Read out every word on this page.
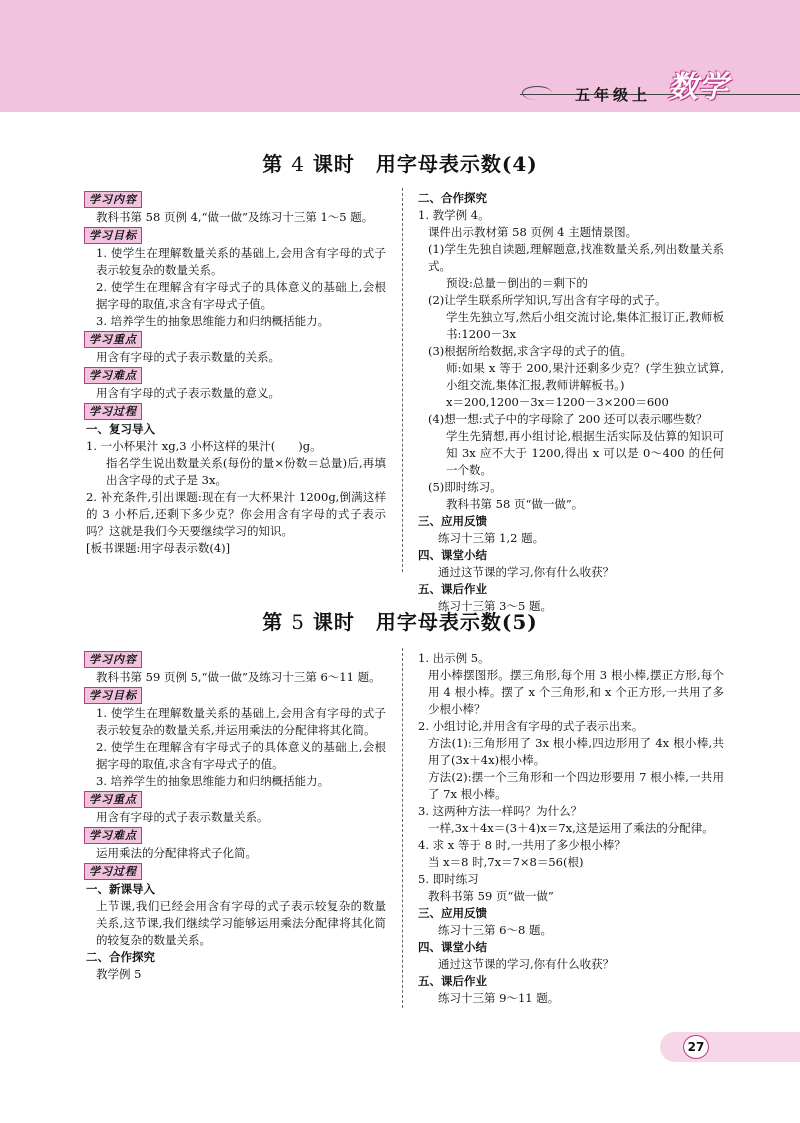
五年级上 数学
第 4 课时　用字母表示数(4)
学习内容
教科书第 58 页例 4,“做一做”及练习十三第 1～5 题。
学习目标
1. 使学生在理解数量关系的基础上,会用含有字母的式子表示较复杂的数量关系。
2. 使学生在理解含有字母式子的具体意义的基础上,会根据字母的取值,求含有字母式子值。
3. 培养学生的抽象思维能力和归纳概括能力。
学习重点
用含有字母的式子表示数量的关系。
学习难点
用含有字母的式子表示数量的意义。
学习过程
一、复习导入
1. 一小杯果汁 xg,3 小杯这样的果汁(　　)g。
指名学生说出数量关系(每份的量×份数＝总量)后,再填出含字母的式子是 3x。
2. 补充条件,引出课题:现在有一大杯果汁 1200g,倒满这样的 3 小杯后,还剩下多少克？你会用含有字母的式子表示吗？这就是我们今天要继续学习的知识。
[板书课题:用字母表示数(4)]
二、合作探究
1. 教学例 4。
课件出示教材第 58 页例 4 主题情景图。
(1)学生先独自读题,理解题意,找准数量关系,列出数量关系式。
预设:总量－倒出的＝剩下的
(2)让学生联系所学知识,写出含有字母的式子。
学生先独立写,然后小组交流讨论,集体汇报订正,教师板书:1200－3x
(3)根据所给数据,求含字母的式子的值。
师:如果 x 等于 200,果汁还剩多少克？(学生独立试算,小组交流,集体汇报,教师讲解板书。)
x＝200,1200－3x＝1200－3×200＝600
(4)想一想:式子中的字母除了 200 还可以表示哪些数？
学生先猜想,再小组讨论,根据生活实际及估算的知识可知 3x 应不大于 1200,得出 x 可以是 0～400 的任何一个数。
(5)即时练习。
教科书第 58 页“做一做”。
三、应用反馈
练习十三第 1,2 题。
四、课堂小结
通过这节课的学习,你有什么收获？
五、课后作业
练习十三第 3～5 题。
第 5 课时　用字母表示数(5)
学习内容
教科书第 59 页例 5,“做一做”及练习十三第 6～11 题。
学习目标
1. 使学生在理解数量关系的基础上,会用含有字母的式子表示较复杂的数量关系,并运用乘法的分配律将其化简。
2. 使学生在理解含有字母式子的具体意义的基础上,会根据字母的取值,求含有字母式子的值。
3. 培养学生的抽象思维能力和归纳概括能力。
学习重点
用含有字母的式子表示数量关系。
学习难点
运用乘法的分配律将式子化简。
学习过程
一、新课导入
上节课,我们已经会用含有字母的式子表示较复杂的数量关系,这节课,我们继续学习能够运用乘法分配律将其化简的较复杂的数量关系。
二、合作探究
教学例 5
1. 出示例 5。
用小棒摆图形。摆三角形,每个用 3 根小棒,摆正方形,每个用 4 根小棒。摆了 x 个三角形,和 x 个正方形,一共用了多少根小棒？
2. 小组讨论,并用含有字母的式子表示出来。
方法(1):三角形用了 3x 根小棒,四边形用了 4x 根小棒,共用了(3x＋4x)根小棒。
方法(2):摆一个三角形和一个四边形要用 7 根小棒,一共用了 7x 根小棒。
3. 这两种方法一样吗？为什么？
一样,3x＋4x＝(3＋4)x＝7x,这是运用了乘法的分配律。
4. 求 x 等于 8 时,一共用了多少根小棒？
当 x＝8 时,7x＝7×8＝56(根)
5. 即时练习
教科书第 59 页“做一做”
三、应用反馈
练习十三第 6～8 题。
四、课堂小结
通过这节课的学习,你有什么收获？
五、课后作业
练习十三第 9～11 题。
27
